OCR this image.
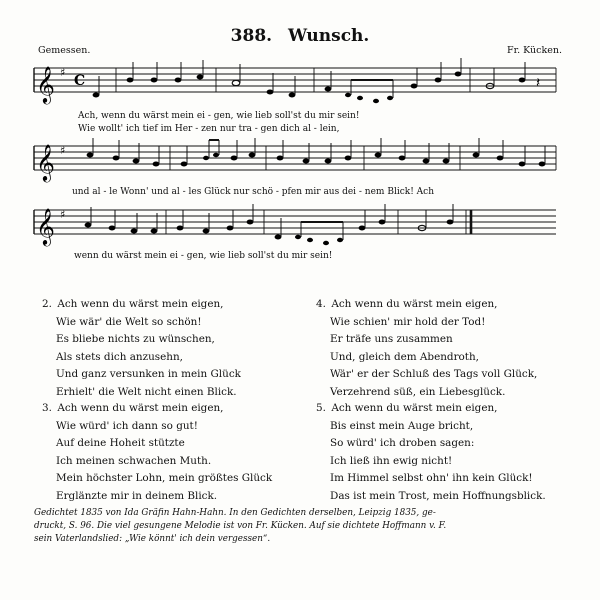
388. Wunsch.
Gemessen.	Fr. Kücken.
𝄞 ♯
C	𝄽
Ach, wenn du wärst mein ei - gen, wie lieb soll'st du mir sein!
Wie wollt' ich tief im Her - zen nur tra - gen dich al - lein,
𝄞 ♯
und al - le Wonn' und al - les Glück nur schö - pfen mir aus dei - nem Blick! Ach
𝄞 ♯
wenn du wärst mein ei - gen, wie lieb soll'st du mir sein!
2. Ach wenn du wärst mein eigen,
Wie wär' die Welt so schön!
Es bliebe nichts zu wünschen,
Als stets dich anzusehn,
Und ganz versunken in mein Glück
Erhielt' die Welt nicht einen Blick.
3. Ach wenn du wärst mein eigen,
Wie würd' ich dann so gut!
Auf deine Hoheit stützte
Ich meinen schwachen Muth.
Mein höchster Lohn, mein größtes Glück
Erglänzte mir in deinem Blick.
4. Ach wenn du wärst mein eigen,
Wie schien' mir hold der Tod!
Er träfe uns zusammen
Und, gleich dem Abendroth,
Wär' er der Schluß des Tags voll Glück,
Verzehrend süß, ein Liebesglück.
5. Ach wenn du wärst mein eigen,
Bis einst mein Auge bricht,
So würd' ich droben sagen:
Ich ließ ihn ewig nicht!
Im Himmel selbst ohn' ihn kein Glück!
Das ist mein Trost, mein Hoffnungsblick.
Gedichtet 1835 von Ida Gräfin Hahn-Hahn. In den Gedichten derselben, Leipzig 1835, ge-
druckt, S. 96. Die viel gesungene Melodie ist von Fr. Kücken. Auf sie dichtete Hoffmann v. F.
sein Vaterlandslied: „Wie könnt' ich dein vergessen“.
